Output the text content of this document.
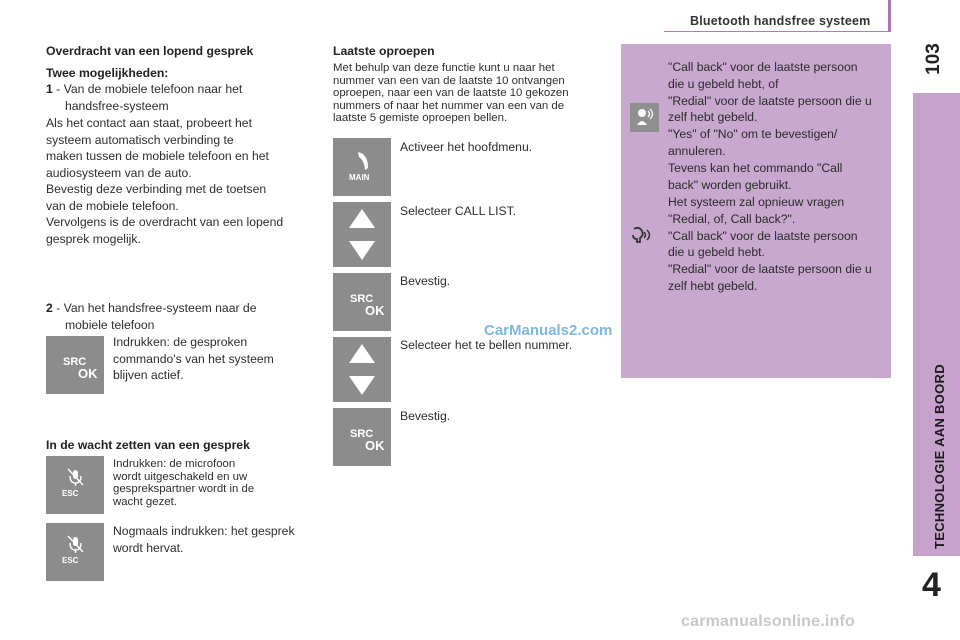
Bluetooth handsfree systeem
103
TECHNOLOGIE AAN BOORD
4
Overdracht van een lopend gesprek
Twee mogelijkheden:
1 - Van de mobiele telefoon naar het
handsfree-systeem
Als het contact aan staat, probeert het
systeem automatisch verbinding te
maken tussen de mobiele telefoon en het
audiosysteem van de auto.
Bevestig deze verbinding met de toetsen
van de mobiele telefoon.
Vervolgens is de overdracht van een lopend
gesprek mogelijk.
2 - Van het handsfree-systeem naar de
mobiele telefoon
SRC
OK
Indrukken: de gesproken
commando's van het systeem
blijven actief.
In de wacht zetten van een gesprek
ESC
Indrukken: de microfoon
wordt uitgeschakeld en uw
gesprekspartner wordt in de
wacht gezet.
ESC
Nogmaals indrukken: het gesprek
wordt hervat.
Laatste oproepen
Met behulp van deze functie kunt u naar het
nummer van een van de laatste 10 ontvangen
oproepen, naar een van de laatste 10 gekozen
nummers of naar het nummer van een van de
laatste 5 gemiste oproepen bellen.
MAIN
Activeer het hoofdmenu.
Selecteer CALL LIST.
SRC
OK
Bevestig.
Selecteer het te bellen nummer.
SRC
OK
Bevestig.
"Call back" voor de laatste persoon
die u gebeld hebt, of
"Redial" voor de laatste persoon die u
zelf hebt gebeld.
"Yes" of "No" om te bevestigen/
annuleren.
Tevens kan het commando "Call
back" worden gebruikt.
Het systeem zal opnieuw vragen
"Redial, of, Call back?".
"Call back" voor de laatste persoon
die u gebeld hebt.
"Redial" voor de laatste persoon die u
zelf hebt gebeld.
CarManuals2.com
carmanualsonline.info
